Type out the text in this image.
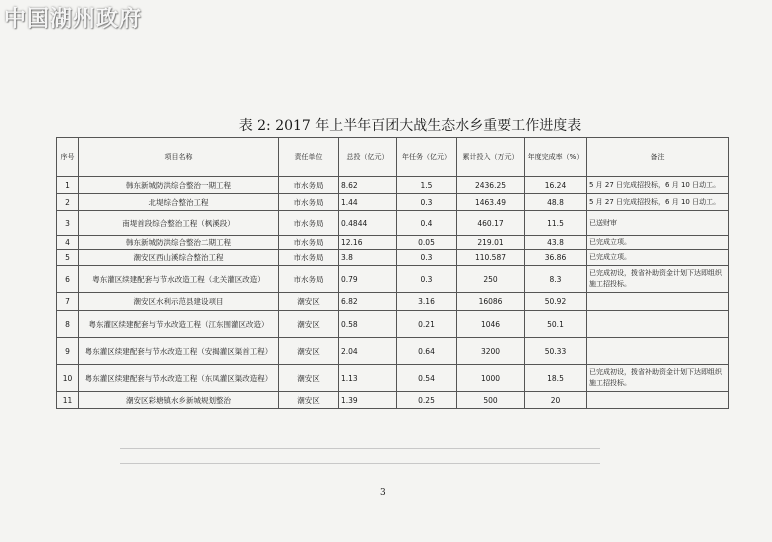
中国湖州政府
表 2: 2017 年上半年百团大战生态水乡重要工作进度表
序号	项目名称	责任单位	总投（亿元）	年任务（亿元）	累计投入（万元）	年度完成率（%）	备注
1	韩东新城防洪综合整治一期工程	市水务局	8.62	1.5	2436.25	16.24	5 月 27 日完成招投标，6 月 10 日动工。
2	北堤综合整治工程	市水务局	1.44	0.3	1463.49	48.8	5 月 27 日完成招投标，6 月 10 日动工。
3	南堤首段综合整治工程（枫溪段）	市水务局	0.4844	0.4	460.17	11.5	已送财审
4	韩东新城防洪综合整治二期工程	市水务局	12.16	0.05	219.01	43.8	已完成立项。
5	潮安区西山溪综合整治工程	市水务局	3.8	0.3	110.587	36.86	已完成立项。
6	粤东灌区续建配套与节水改造工程（北关灌区改造）	市水务局	0.79	0.3	250	8.3	已完成初设，拨省补助资金计划下达即组织施工招投标。
7	潮安区水利示范县建设项目	潮安区	6.82	3.16	16086	50.92	
8	粤东灌区续建配套与节水改造工程（江东围灌区改造）	潮安区	0.58	0.21	1046	50.1	
9	粤东灌区续建配套与节水改造工程（安揭灌区渠首工程）	潮安区	2.04	0.64	3200	50.33	
10	粤东灌区续建配套与节水改造工程（东凤灌区渠改造程）	潮安区	1.13	0.54	1000	18.5	已完成初设，拨省补助资金计划下达即组织施工招投标。
11	潮安区彩塘镇水乡新城规划整治	潮安区	1.39	0.25	500	20	
3
